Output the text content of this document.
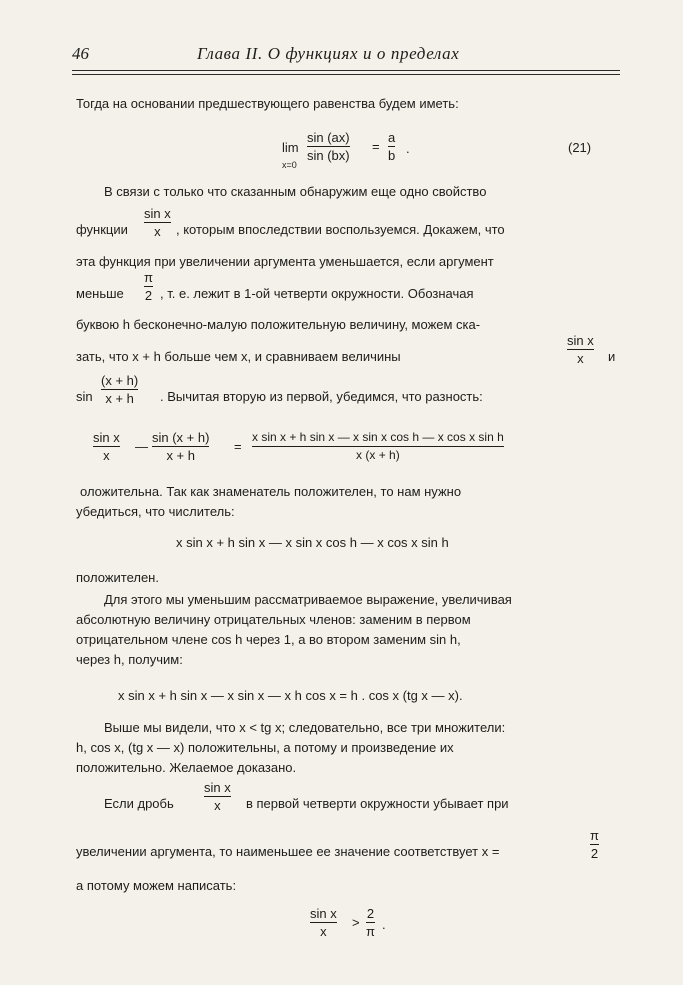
46	Глава II. О функциях и о пределах
Тогда на основании предшествующего равенства будем иметь:
lim
x=0
sin (ax)
sin (bx)
=
a
b .	(21)
В связи с только что сказанным обнаружим еще одно свойство
функции
sin x
x , которым впоследствии воспользуемся. Докажем, что
эта функция при увеличении аргумента уменьшается, если аргумент
меньше
π
2 , т. е. лежит в 1-ой четверти окружности. Обозначая
буквою h бесконечно-малую положительную величину, можем ска-
зать, что x + h больше чем x, и сравниваем величины
sin x
x и
sin
(x + h)
x + h . Вычитая вторую из первой, убедимся, что разность:
sin x
x
—
sin (x + h)
x + h
=
x sin x + h sin x — x sin x cos h — x cos x sin h
x (x + h)
оложительна. Так как знаменатель положителен, то нам нужно
убедиться, что числитель:
x sin x + h sin x — x sin x cos h — x cos x sin h
положителен.
Для этого мы уменьшим рассматриваемое выражение, увеличивая
абсолютную величину отрицательных членов: заменим в первом
отрицательном члене cos h через 1, а во втором заменим sin h,
через h, получим:
x sin x + h sin x — x sin x — x h cos x = h . cos x (tg x — x).
Выше мы видели, что x < tg x; следовательно, все три множители:
h, cos x, (tg x — x) положительны, а потому и произведение их
положительно. Желаемое доказано.
Если дробь
sin x
x в первой четверти окружности убывает при
увеличении аргумента, то наименьшее ее значение соответствует x =
π
2
а потому можем написать:
sin x
x
>
2
π .
